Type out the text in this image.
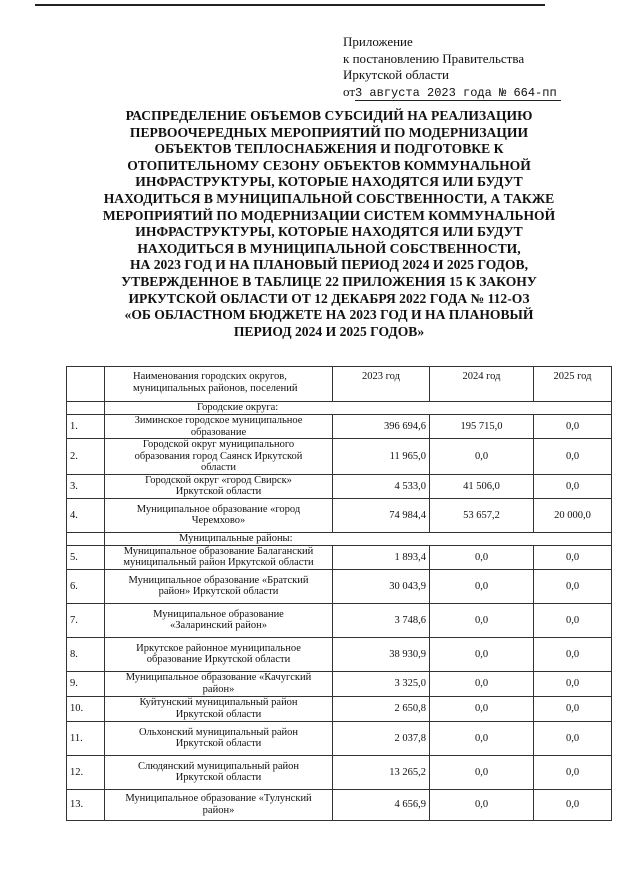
Приложение
к постановлению Правительства
Иркутской области
от3 августа 2023 года № 664-пп
РАСПРЕДЕЛЕНИЕ ОБЪЕМОВ СУБСИДИЙ НА РЕАЛИЗАЦИЮ
ПЕРВООЧЕРЕДНЫХ МЕРОПРИЯТИЙ ПО МОДЕРНИЗАЦИИ
ОБЪЕКТОВ ТЕПЛОСНАБЖЕНИЯ И ПОДГОТОВКЕ К
ОТОПИТЕЛЬНОМУ СЕЗОНУ ОБЪЕКТОВ КОММУНАЛЬНОЙ
ИНФРАСТРУКТУРЫ, КОТОРЫЕ НАХОДЯТСЯ ИЛИ БУДУТ
НАХОДИТЬСЯ В МУНИЦИПАЛЬНОЙ СОБСТВЕННОСТИ, А ТАКЖЕ
МЕРОПРИЯТИЙ ПО МОДЕРНИЗАЦИИ СИСТЕМ КОММУНАЛЬНОЙ
ИНФРАСТРУКТУРЫ, КОТОРЫЕ НАХОДЯТСЯ ИЛИ БУДУТ
НАХОДИТЬСЯ В МУНИЦИПАЛЬНОЙ СОБСТВЕННОСТИ,
НА 2023 ГОД И НА ПЛАНОВЫЙ ПЕРИОД 2024 И 2025 ГОДОВ,
УТВЕРЖДЕННОЕ В ТАБЛИЦЕ 22 ПРИЛОЖЕНИЯ 15 К ЗАКОНУ
ИРКУТСКОЙ ОБЛАСТИ ОТ 12 ДЕКАБРЯ 2022 ГОДА № 112-ОЗ
«ОБ ОБЛАСТНОМ БЮДЖЕТЕ НА 2023 ГОД И НА ПЛАНОВЫЙ
ПЕРИОД 2024 И 2025 ГОДОВ»
	Наименования городских округов,
муниципальных районов, поселений	2023 год	2024 год	2025 год
	Городские округа:			
1.	Зиминское городское муниципальное
образование	396 694,6	195 715,0	0,0
2.	Городской округ муниципального
образования город Саянск Иркутской
области	11 965,0	0,0	0,0
3.	Городской округ «город Свирск»
Иркутской области	4 533,0	41 506,0	0,0
4.	Муниципальное образование «город
Черемхово»	74 984,4	53 657,2	20 000,0
	Муниципальные районы:			
5.	Муниципальное образование Балаганский
муниципальный район Иркутской области	1 893,4	0,0	0,0
6.	Муниципальное образование «Братский
район» Иркутской области	30 043,9	0,0	0,0
7.	Муниципальное образование
«Заларинский район»	3 748,6	0,0	0,0
8.	Иркутское районное муниципальное
образование Иркутской области	38 930,9	0,0	0,0
9.	Муниципальное образование «Качугский
район»	3 325,0	0,0	0,0
10.	Куйтунский муниципальный район
Иркутской области	2 650,8	0,0	0,0
11.	Ольхонский муниципальный район
Иркутской области	2 037,8	0,0	0,0
12.	Слюдянский муниципальный район
Иркутской области	13 265,2	0,0	0,0
13.	Муниципальное образование «Тулунский
район»	4 656,9	0,0	0,0
